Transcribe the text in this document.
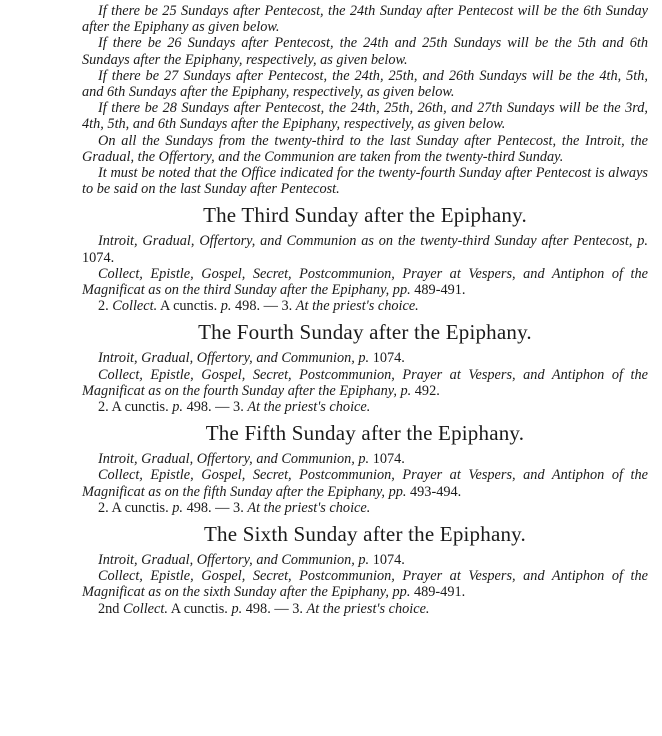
If there be 25 Sundays after Pentecost, the 24th Sunday after Pentecost will be the 6th Sunday after the Epiphany as given below.

If there be 26 Sundays after Pentecost, the 24th and 25th Sundays will be the 5th and 6th Sundays after the Epiphany, respectively, as given below.

If there be 27 Sundays after Pentecost, the 24th, 25th, and 26th Sundays will be the 4th, 5th, and 6th Sundays after the Epiphany, respectively, as given below.

If there be 28 Sundays after Pentecost, the 24th, 25th, 26th, and 27th Sundays will be the 3rd, 4th, 5th, and 6th Sundays after the Epiphany, respectively, as given below.

On all the Sundays from the twenty-third to the last Sunday after Pentecost, the Introit, the Gradual, the Offertory, and the Communion are taken from the twenty-third Sunday.

It must be noted that the Office indicated for the twenty-fourth Sunday after Pentecost is always to be said on the last Sunday after Pentecost.

The Third Sunday after the Epiphany.

Introit, Gradual, Offertory, and Communion as on the twenty-third Sunday after Pentecost, p. 1074.

Collect, Epistle, Gospel, Secret, Postcommunion, Prayer at Vespers, and Antiphon of the Magnificat as on the third Sunday after the Epiphany, pp. 489-491.

2. Collect. A cunctis. p. 498. — 3. At the priest's choice.

The Fourth Sunday after the Epiphany.

Introit, Gradual, Offertory, and Communion, p. 1074.

Collect, Epistle, Gospel, Secret, Postcommunion, Prayer at Vespers, and Antiphon of the Magnificat as on the fourth Sunday after the Epiphany, p. 492.

2. A cunctis. p. 498. — 3. At the priest's choice.

The Fifth Sunday after the Epiphany.

Introit, Gradual, Offertory, and Communion, p. 1074.

Collect, Epistle, Gospel, Secret, Postcommunion, Prayer at Vespers, and Antiphon of the Magnificat as on the fifth Sunday after the Epiphany, pp. 493-494.

2. A cunctis. p. 498. — 3. At the priest's choice.

The Sixth Sunday after the Epiphany.

Introit, Gradual, Offertory, and Communion, p. 1074.

Collect, Epistle, Gospel, Secret, Postcommunion, Prayer at Vespers, and Antiphon of the Magnificat as on the sixth Sunday after the Epiphany, pp. 489-491.

2nd Collect. A cunctis. p. 498. — 3. At the priest's choice.
